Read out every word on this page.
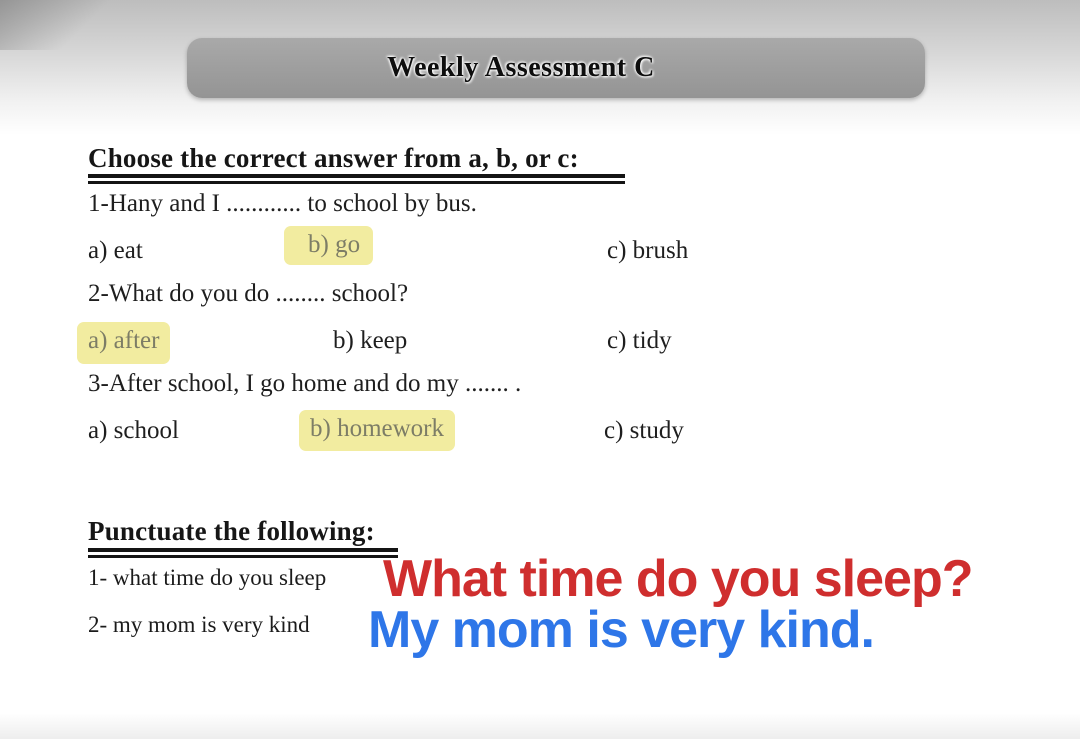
Weekly Assessment C
Choose the correct answer from a, b, or c:
1-Hany and I ............ to school by bus.
a) eat	b) go	c) brush
2-What do you do ........ school?
a) after	b) keep	c) tidy
3-After school, I go home and do my ....... .
a) school	b) homework	c) study
Punctuate the following:
1- what time do you sleep What time do you sleep?
2- my mom is very kind My mom is very kind.
